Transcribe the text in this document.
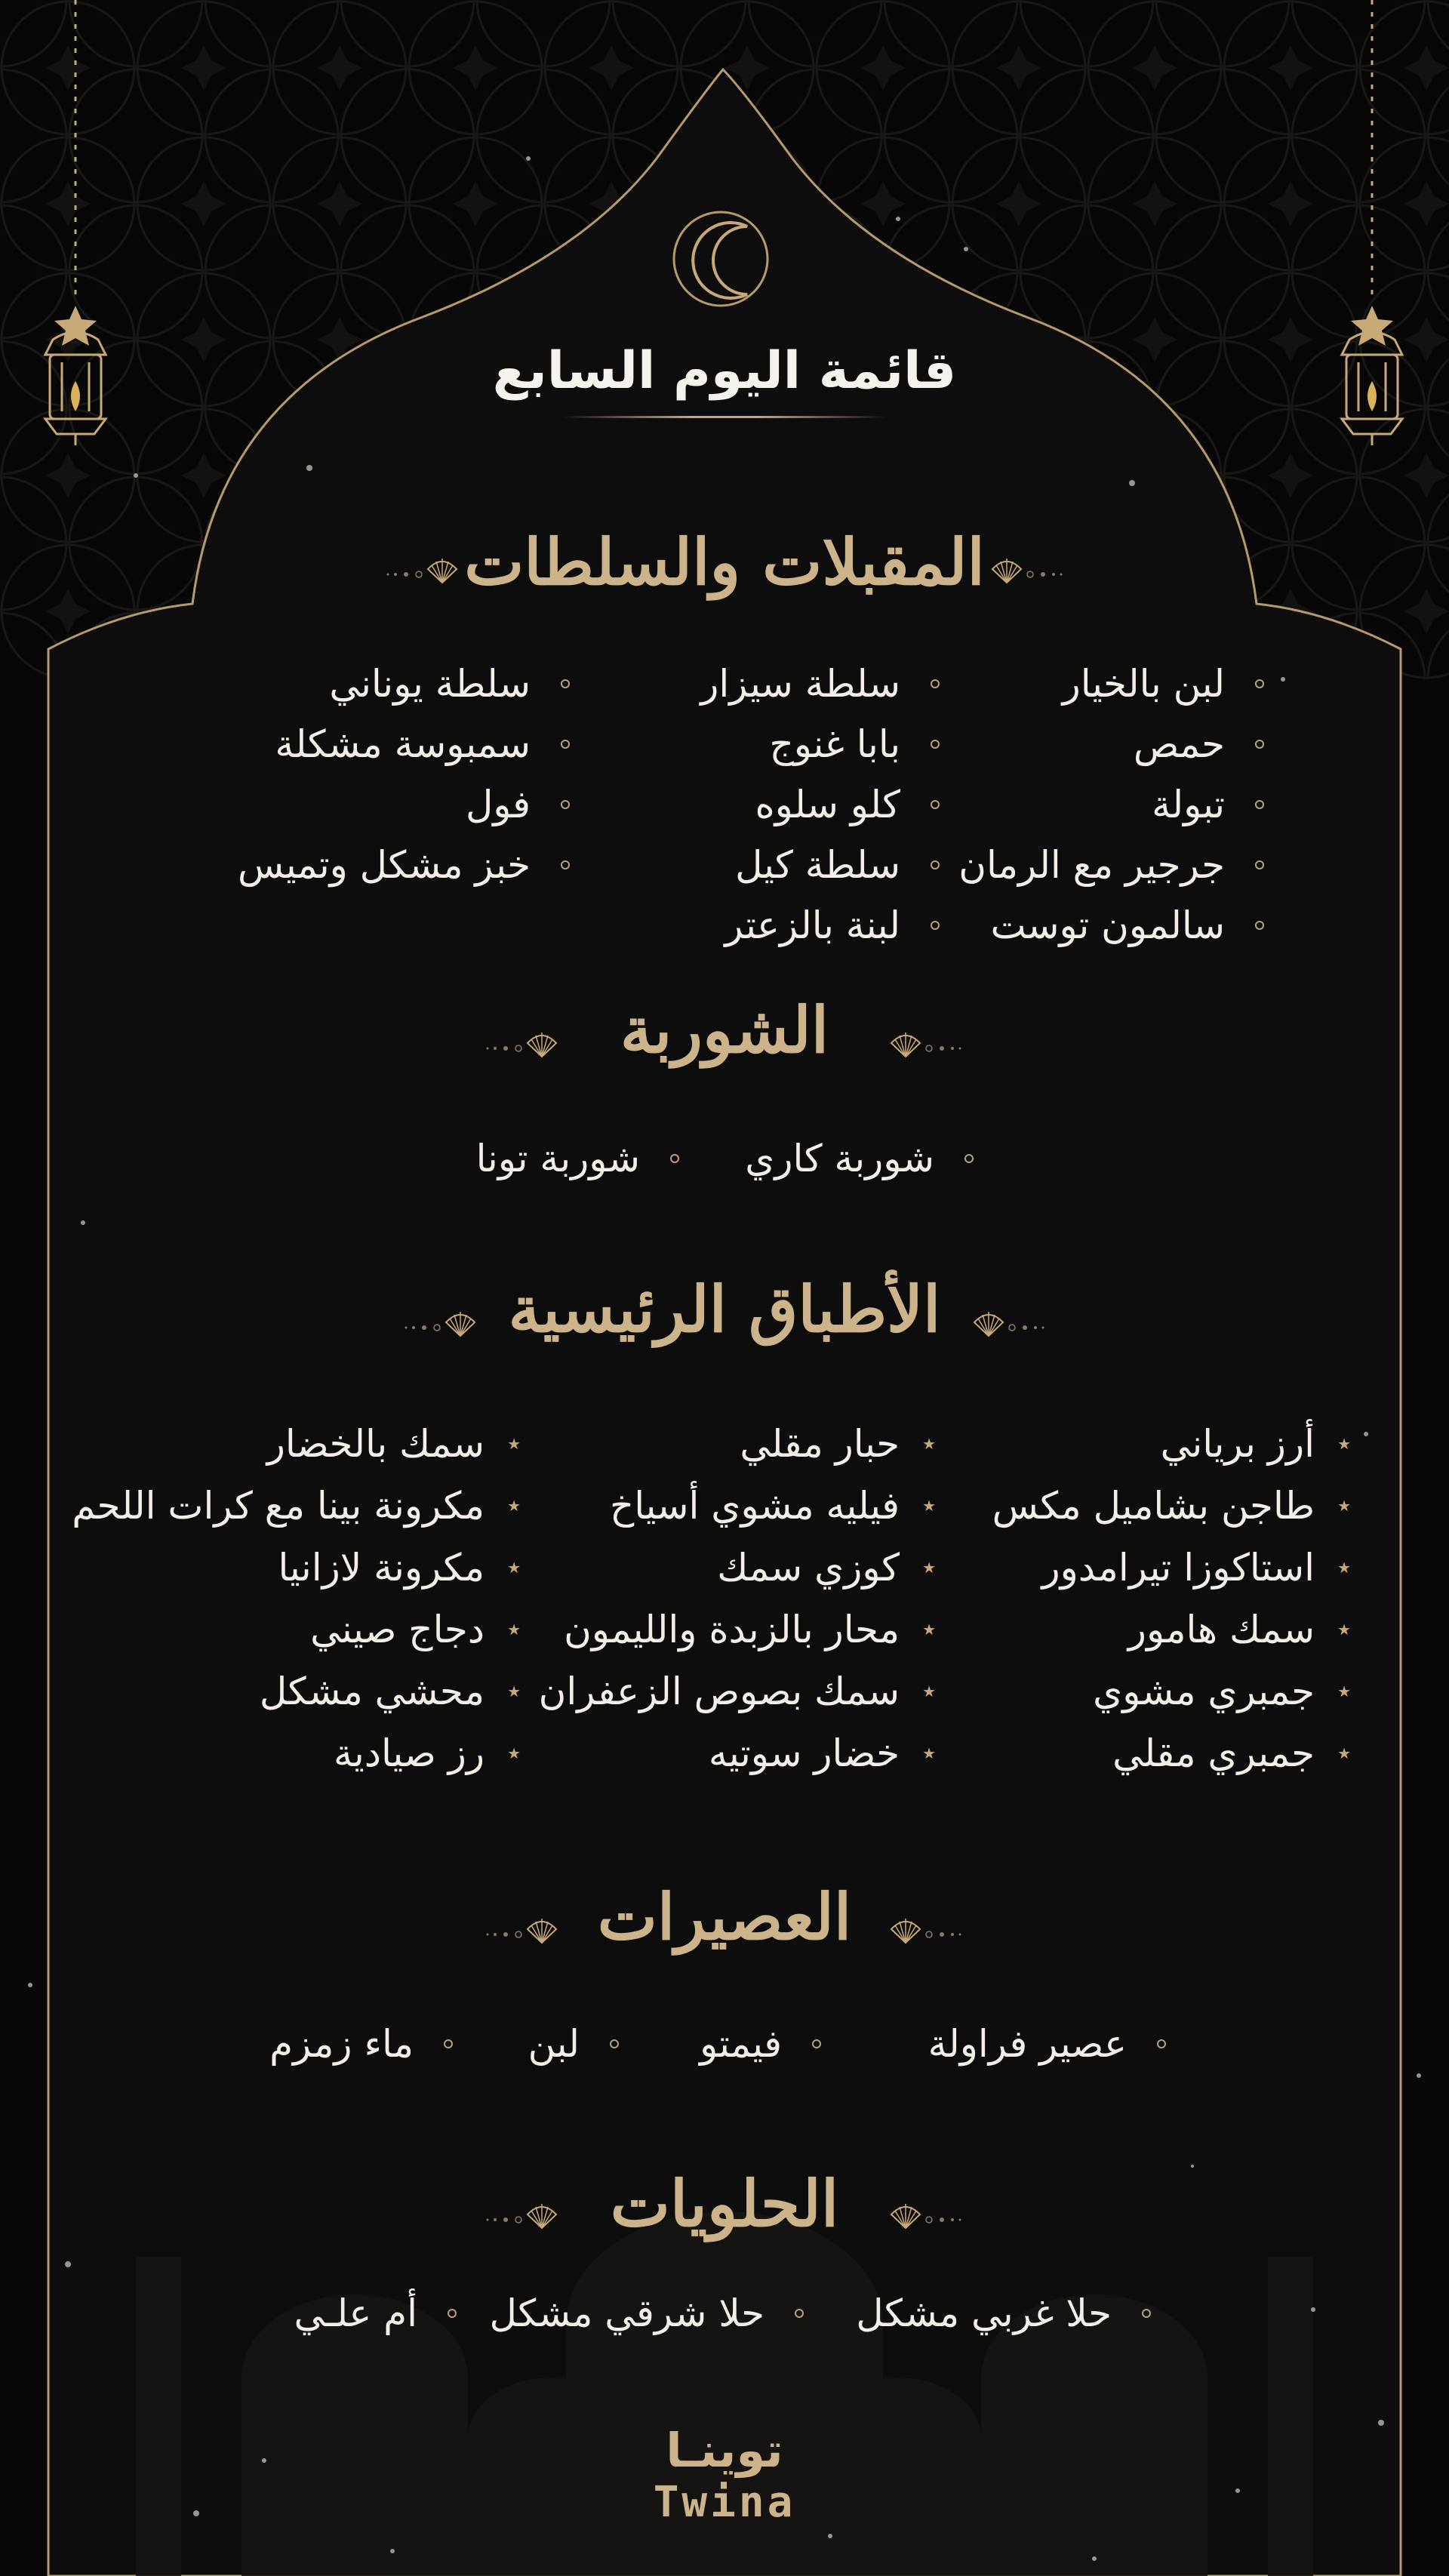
قائمة اليوم السابع
المقبلات والسلطات
لبن بالخيار
حمص
تبولة
جرجير مع الرمان
سالمون توست
سلطة سيزار
بابا غنوج
كلو سلوه
سلطة كيل
لبنة بالزعتر
سلطة يوناني
سمبوسة مشكلة
فول
خبز مشكل وتميس
الشوربة
شوربة كاري
شوربة تونا
الأطباق الرئيسية
★
أرز برياني
★
طاجن بشاميل مكس
★
استاكوزا تيرامدور
★
سمك هامور
★
جمبري مشوي
★
جمبري مقلي
★
حبار مقلي
★
فيليه مشوي أسياخ
★
كوزي سمك
★
محار بالزبدة والليمون
★
سمك بصوص الزعفران
★
خضار سوتيه
★
سمك بالخضار
★
مكرونة بينا مع كرات اللحم
★
مكرونة لازانيا
★
دجاج صيني
★
محشي مشكل
★
رز صيادية
العصيرات
عصير فراولة
فيمتو
لبن
ماء زمزم
الحلويات
حلا غربي مشكل
حلا شرقي مشكل
أم علـي
توينـا
Twina
